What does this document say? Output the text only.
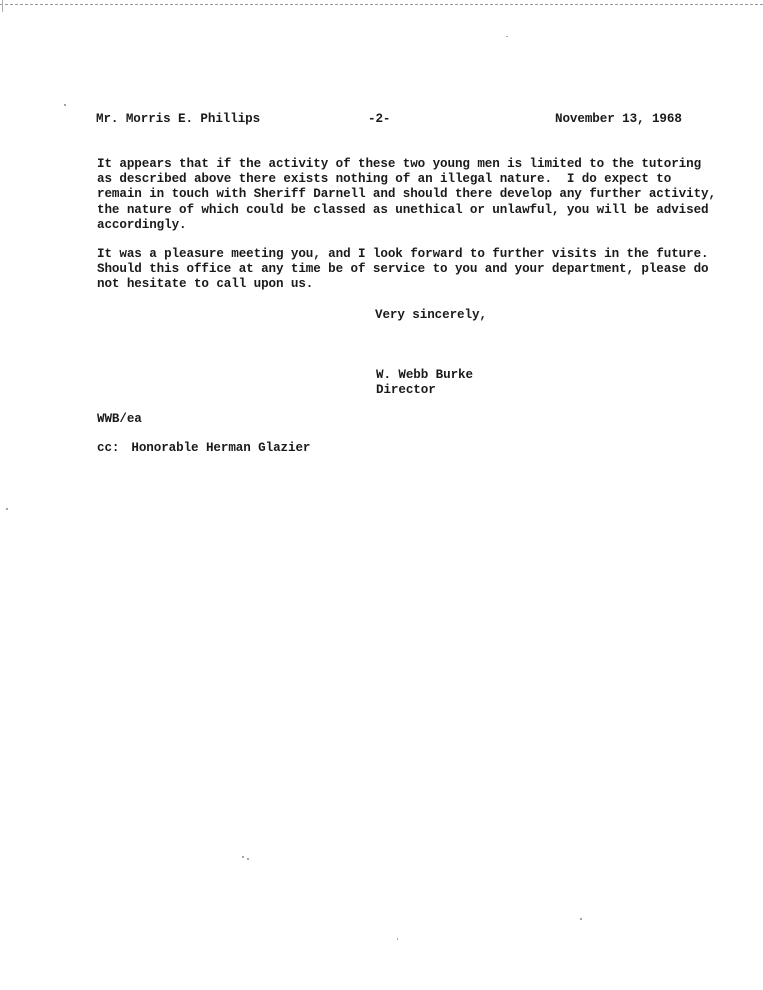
Mr. Morris E. Phillips	-2-	November 13, 1968
It appears that if the activity of these two young men is limited to the tutoring
as described above there exists nothing of an illegal nature.  I do expect to
remain in touch with Sheriff Darnell and should there develop any further activity,
the nature of which could be classed as unethical or unlawful, you will be advised
accordingly.
It was a pleasure meeting you, and I look forward to further visits in the future.
Should this office at any time be of service to you and your department, please do
not hesitate to call upon us.
Very sincerely,
W. Webb Burke
Director
WWB/ea
cc: Honorable Herman Glazier
